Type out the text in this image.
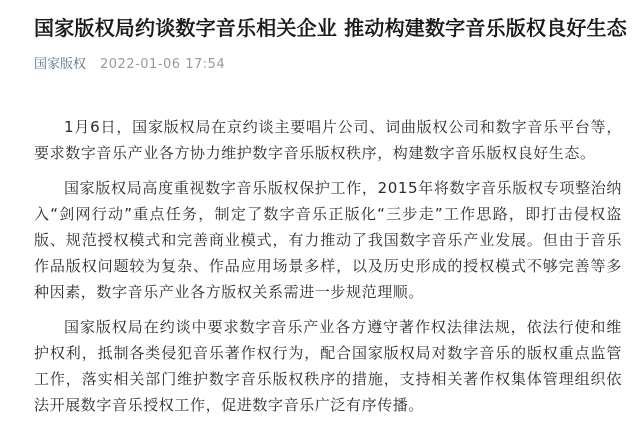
国家版权局约谈数字音乐相关企业 推动构建数字音乐版权良好生态
国家版权 2022-01-06 17:54

1月6日，国家版权局在京约谈主要唱片公司、词曲版权公司和数字音乐平台等，要求数字音乐产业各方协力维护数字音乐版权秩序，构建数字音乐版权良好生态。

国家版权局高度重视数字音乐版权保护工作，2015年将数字音乐版权专项整治纳入“剑网行动”重点任务，制定了数字音乐正版化“三步走”工作思路，即打击侵权盗版、规范授权模式和完善商业模式，有力推动了我国数字音乐产业发展。但由于音乐作品版权问题较为复杂、作品应用场景多样，以及历史形成的授权模式不够完善等多种因素，数字音乐产业各方版权关系需进一步规范理顺。

国家版权局在约谈中要求数字音乐产业各方遵守著作权法律法规，依法行使和维护权利，抵制各类侵犯音乐著作权行为，配合国家版权局对数字音乐的版权重点监管工作，落实相关部门维护数字音乐版权秩序的措施，支持相关著作权集体管理组织依法开展数字音乐授权工作，促进数字音乐广泛有序传播。
